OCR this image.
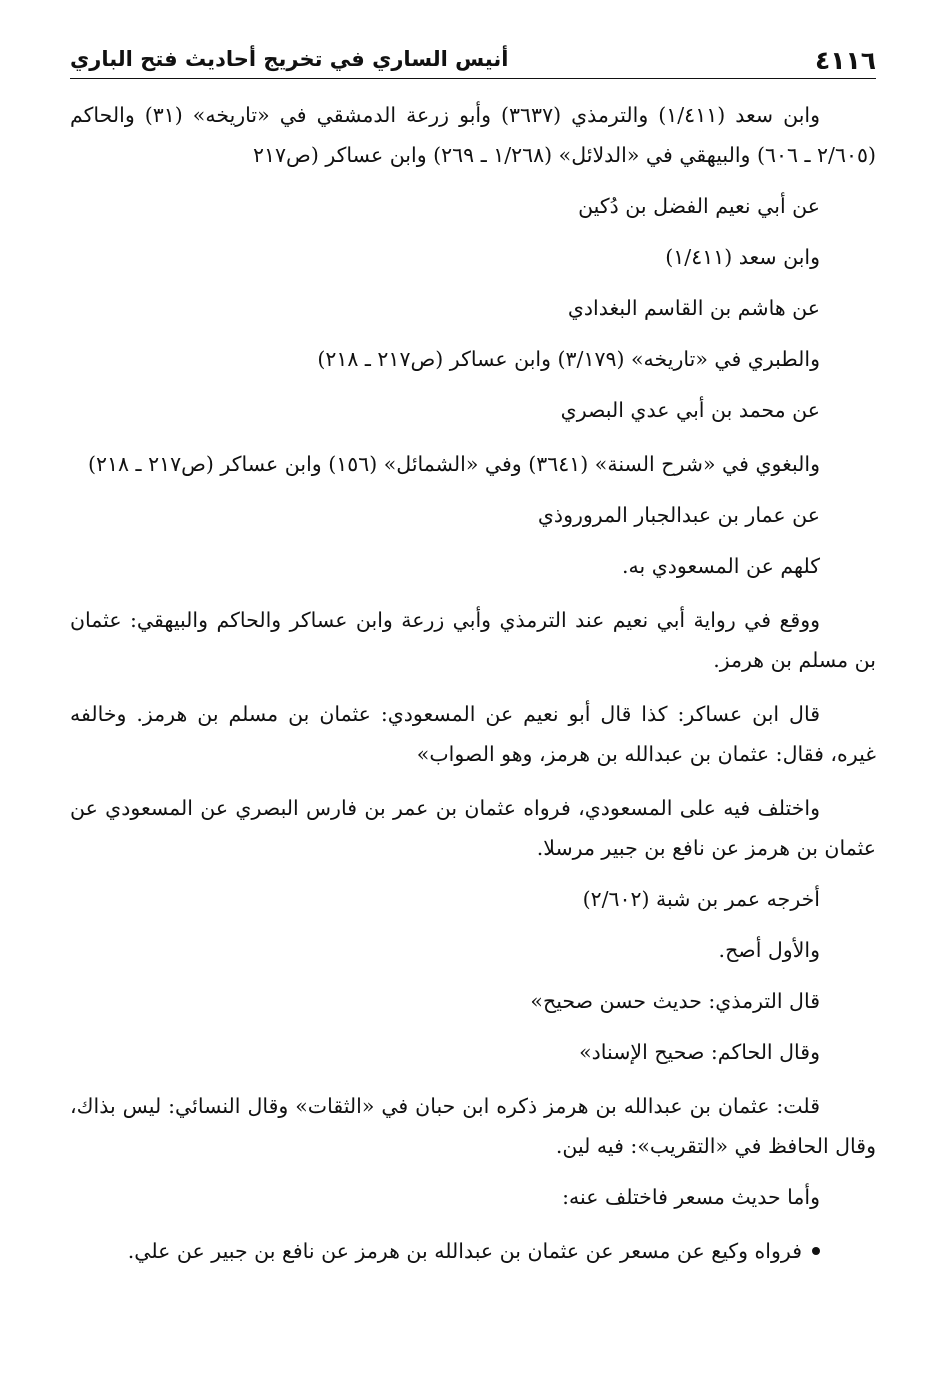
٤١١٦
أنيس الساري في تخريج أحاديث فتح الباري

وابن سعد (١/٤١١) والترمذي (٣٦٣٧) وأبو زرعة الدمشقي في «تاريخه» (٣١) والحاكم (٢/٦٠٥ ـ ٦٠٦) والبيهقي في «الدلائل» (١/٢٦٨ ـ ٢٦٩) وابن عساكر (ص٢١٧

عن أبي نعيم الفضل بن دُكين
وابن سعد (١/٤١١)
عن هاشم بن القاسم البغدادي
والطبري في «تاريخه» (٣/١٧٩) وابن عساكر (ص٢١٧ ـ ٢١٨)
عن محمد بن أبي عدي البصري

والبغوي في «شرح السنة» (٣٦٤١) وفي «الشمائل» (١٥٦) وابن عساكر (ص٢١٧ ـ ٢١٨)

عن عمار بن عبدالجبار المروروذي
كلهم عن المسعودي به.

ووقع في رواية أبي نعيم عند الترمذي وأبي زرعة وابن عساكر والحاكم والبيهقي: عثمان بن مسلم بن هرمز.

قال ابن عساكر: كذا قال أبو نعيم عن المسعودي: عثمان بن مسلم بن هرمز. وخالفه غيره، فقال: عثمان بن عبدالله بن هرمز، وهو الصواب»

واختلف فيه على المسعودي، فرواه عثمان بن عمر بن فارس البصري عن المسعودي عن عثمان بن هرمز عن نافع بن جبير مرسلا.

أخرجه عمر بن شبة (٢/٦٠٢)
والأول أصح.
قال الترمذي: حديث حسن صحيح»
وقال الحاكم: صحيح الإسناد»

قلت: عثمان بن عبدالله بن هرمز ذكره ابن حبان في «الثقات» وقال النسائي: ليس بذاك، وقال الحافظ في «التقريب»: فيه لين.

وأما حديث مسعر فاختلف عنه:
فرواه وكيع عن مسعر عن عثمان بن عبدالله بن هرمز عن نافع بن جبير عن علي.
